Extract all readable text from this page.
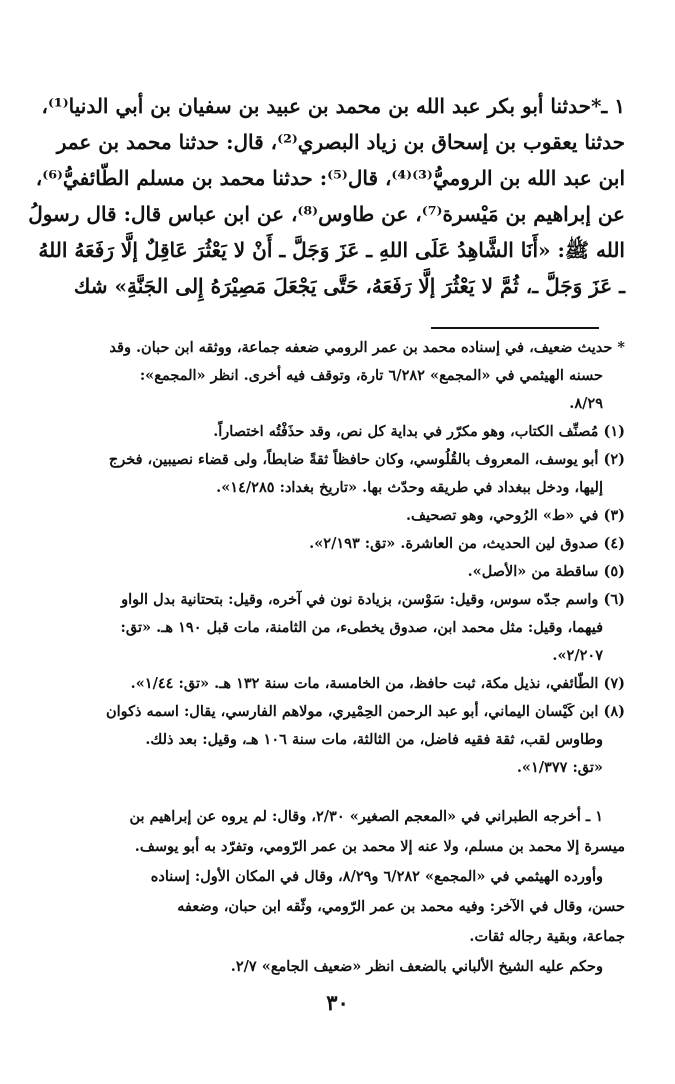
١ ـ*حدثنا أبو بكر عبد الله بن محمد بن عبيد بن سفيان بن أبي الدنيا⁽¹⁾،
حدثنا يعقوب بن إسحاق بن زياد البصري⁽²⁾، قال: حدثنا محمد بن عمر
ابن عبد الله بن الروميُّ⁽³⁾⁽⁴⁾، قال⁽⁵⁾: حدثنا محمد بن مسلم الطّائفيُّ⁽⁶⁾،
عن إبراهيم بن مَيْسرة⁽⁷⁾، عن طاوس⁽⁸⁾، عن ابن عباس قال: قال رسولُ
الله ﷺ: «أَنَا الشَّاهِدُ عَلَى اللهِ ـ عَزَ وَجَلَّ ـ أَنْ لا يَعْثُرَ عَاقِلٌ إلَّا رَفَعَهُ اللهُ
ـ عَزَ وَجَلَّ ـ، ثُمَّ لا يَعْثُرَ إلَّا رَفَعَهُ، حَتَّى يَجْعَلَ مَصِيْرَهُ إِلى الجَنَّةِ» شك
* حديث ضعيف، في إسناده محمد بن عمر الرومي ضعفه جماعة، ووثقه ابن حبان. وقد
حسنه الهيثمي في «المجمع» ٦/٢٨٢ تارة، وتوقف فيه أخرى. انظر «المجمع»:
٨/٢٩.
(١) مُصنِّف الكتاب، وهو مكرّر في بداية كل نص، وقد حذَفْتُه اختصاراً.
(٢) أبو يوسف، المعروف بالقُلُوسي، وكان حافظاً ثقةً ضابطاً، ولى قضاء نصيبين، فخرج
إليها، ودخل ببغداد في طريقه وحدّث بها. «تاريخ بغداد: ١٤/٢٨٥».
(٣) في «ط» الرُوحي، وهو تصحيف.
(٤) صدوق لين الحديث، من العاشرة. «تق: ٢/١٩٣».
(٥) ساقطة من «الأصل».
(٦) واسم جدّه سوس، وقيل: سَوْسن، بزيادة نون في آخره، وقيل: بتحتانية بدل الواو
فيهما، وقيل: مثل محمد ابن، صدوق يخطىء، من الثامنة، مات قبل ١٩٠ هـ. «تق:
٢/٢٠٧».
(٧) الطّائفي، نذيل مكة، ثبت حافظ، من الخامسة، مات سنة ١٣٢ هـ. «تق: ١/٤٤».
(٨) ابن كَيْسان اليماني، أبو عبد الرحمن الحِمْيري، مولاهم الفارسي، يقال: اسمه ذكوان
وطاوس لقب، ثقة فقيه فاضل، من الثالثة، مات سنة ١٠٦ هـ، وقيل: بعد ذلك.
«تق: ١/٣٧٧».
١ ـ أخرجه الطبراني في «المعجم الصغير» ٢/٣٠، وقال: لم يروه عن إبراهيم بن
ميسرة إلا محمد بن مسلم، ولا عنه إلا محمد بن عمر الرّومي، وتفرّد به أبو يوسف.
وأورده الهيثمي في «المجمع» ٦/٢٨٢ و٨/٢٩، وقال في المكان الأول: إسناده
حسن، وقال في الآخر: وفيه محمد بن عمر الرّومي، وثّقه ابن حبان، وضعفه
جماعة، وبقية رجاله ثقات.
وحكم عليه الشيخ الألباني بالضعف انظر «ضعيف الجامع» ٢/٧.
٣٠
